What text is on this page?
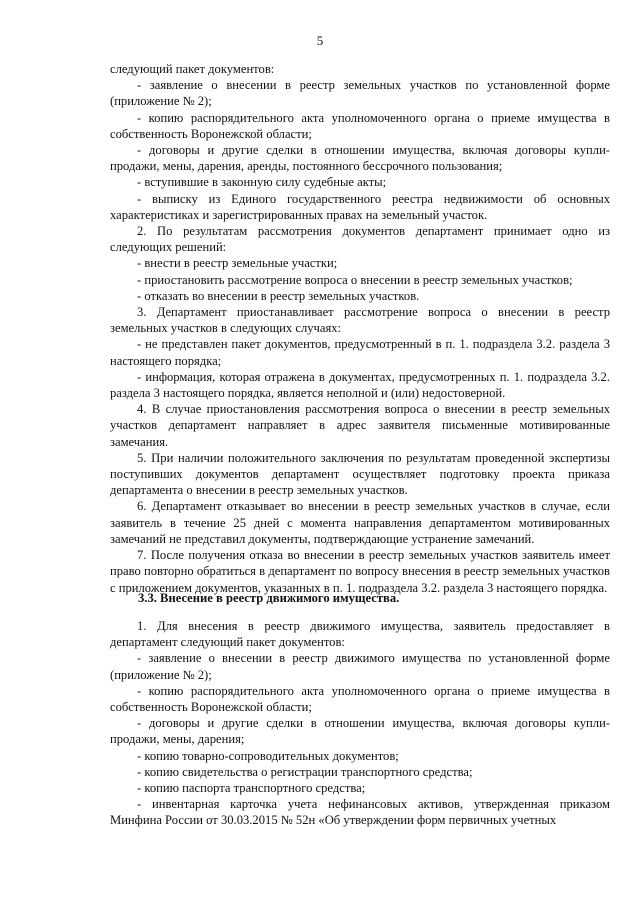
5

следующий пакет документов:

- заявление о внесении в реестр земельных участков по установленной форме (приложение № 2);

- копию распорядительного акта уполномоченного органа о приеме имущества в собственность Воронежской области;

- договоры и другие сделки в отношении имущества, включая договоры купли-продажи, мены, дарения, аренды, постоянного бессрочного пользования;

- вступившие в законную силу судебные акты;

- выписку из Единого государственного реестра недвижимости об основных характеристиках и зарегистрированных правах на земельный участок.

2. По результатам рассмотрения документов департамент принимает одно из следующих решений:

- внести в реестр земельные участки;

- приостановить рассмотрение вопроса о внесении в реестр земельных участков;

- отказать во внесении в реестр земельных участков.

3. Департамент приостанавливает рассмотрение вопроса о внесении в реестр земельных участков в следующих случаях:

- не представлен пакет документов, предусмотренный в п. 1. подраздела 3.2. раздела 3 настоящего порядка;

- информация, которая отражена в документах, предусмотренных п. 1. подраздела 3.2. раздела 3 настоящего порядка, является неполной и (или) недостоверной.

4. В случае приостановления рассмотрения вопроса о внесении в реестр земельных участков департамент направляет в адрес заявителя письменные мотивированные замечания.

5. При наличии положительного заключения по результатам проведенной экспертизы поступивших документов департамент осуществляет подготовку проекта приказа департамента о внесении в реестр земельных участков.

6. Департамент отказывает во внесении в реестр земельных участков в случае, если заявитель в течение 25 дней с момента направления департаментом мотивированных замечаний не представил документы, подтверждающие устранение замечаний.

7. После получения отказа во внесении в реестр земельных участков заявитель имеет право повторно обратиться в департамент по вопросу внесения в реестр земельных участков с приложением документов, указанных в п. 1. подраздела 3.2. раздела 3 настоящего порядка.

3.3. Внесение в реестр движимого имущества.

1. Для внесения в реестр движимого имущества, заявитель предоставляет в департамент следующий пакет документов:

- заявление о внесении в реестр движимого имущества по установленной форме (приложение № 2);

- копию распорядительного акта уполномоченного органа о приеме имущества в собственность Воронежской области;

- договоры и другие сделки в отношении имущества, включая договоры купли-продажи, мены, дарения;

- копию товарно-сопроводительных документов;

- копию свидетельства о регистрации транспортного средства;

- копию паспорта транспортного средства;

- инвентарная карточка учета нефинансовых активов, утвержденная приказом Минфина России от 30.03.2015 № 52н «Об утверждении форм первичных учетных
